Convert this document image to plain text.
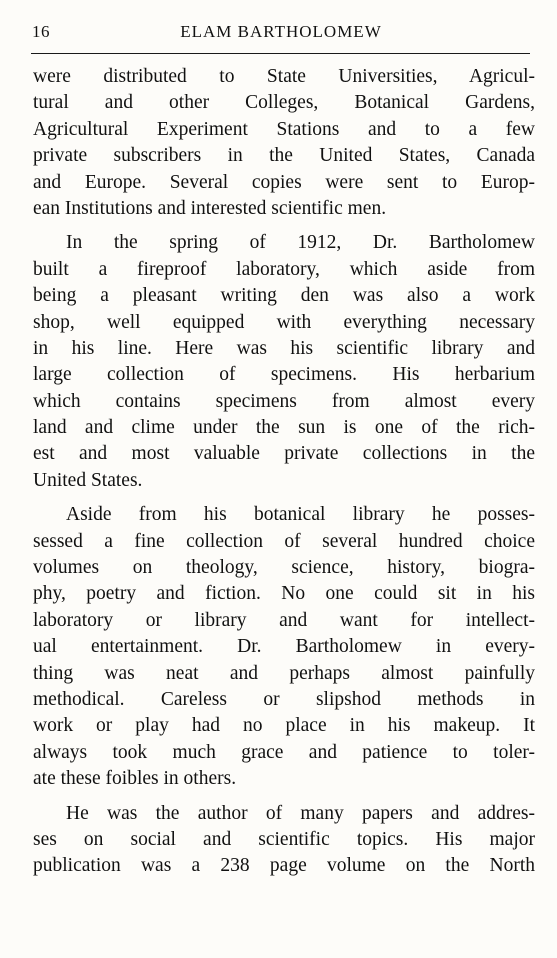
16	ELAM BARTHOLOMEW
were distributed to State Universities, Agricul-
tural and other Colleges, Botanical Gardens,
Agricultural Experiment Stations and to a few
private subscribers in the United States, Canada
and Europe. Several copies were sent to Europ-
ean Institutions and interested scientific men.
In the spring of 1912, Dr. Bartholomew
built a fireproof laboratory, which aside from
being a pleasant writing den was also a work
shop, well equipped with everything necessary
in his line. Here was his scientific library and
large collection of specimens. His herbarium
which contains specimens from almost every
land and clime under the sun is one of the rich-
est and most valuable private collections in the
United States.
Aside from his botanical library he posses-
sessed a fine collection of several hundred choice
volumes on theology, science, history, biogra-
phy, poetry and fiction. No one could sit in his
laboratory or library and want for intellect-
ual entertainment. Dr. Bartholomew in every-
thing was neat and perhaps almost painfully
methodical. Careless or slipshod methods in
work or play had no place in his makeup. It
always took much grace and patience to toler-
ate these foibles in others.
He was the author of many papers and addres-
ses on social and scientific topics. His major
publication was a 238 page volume on the North
